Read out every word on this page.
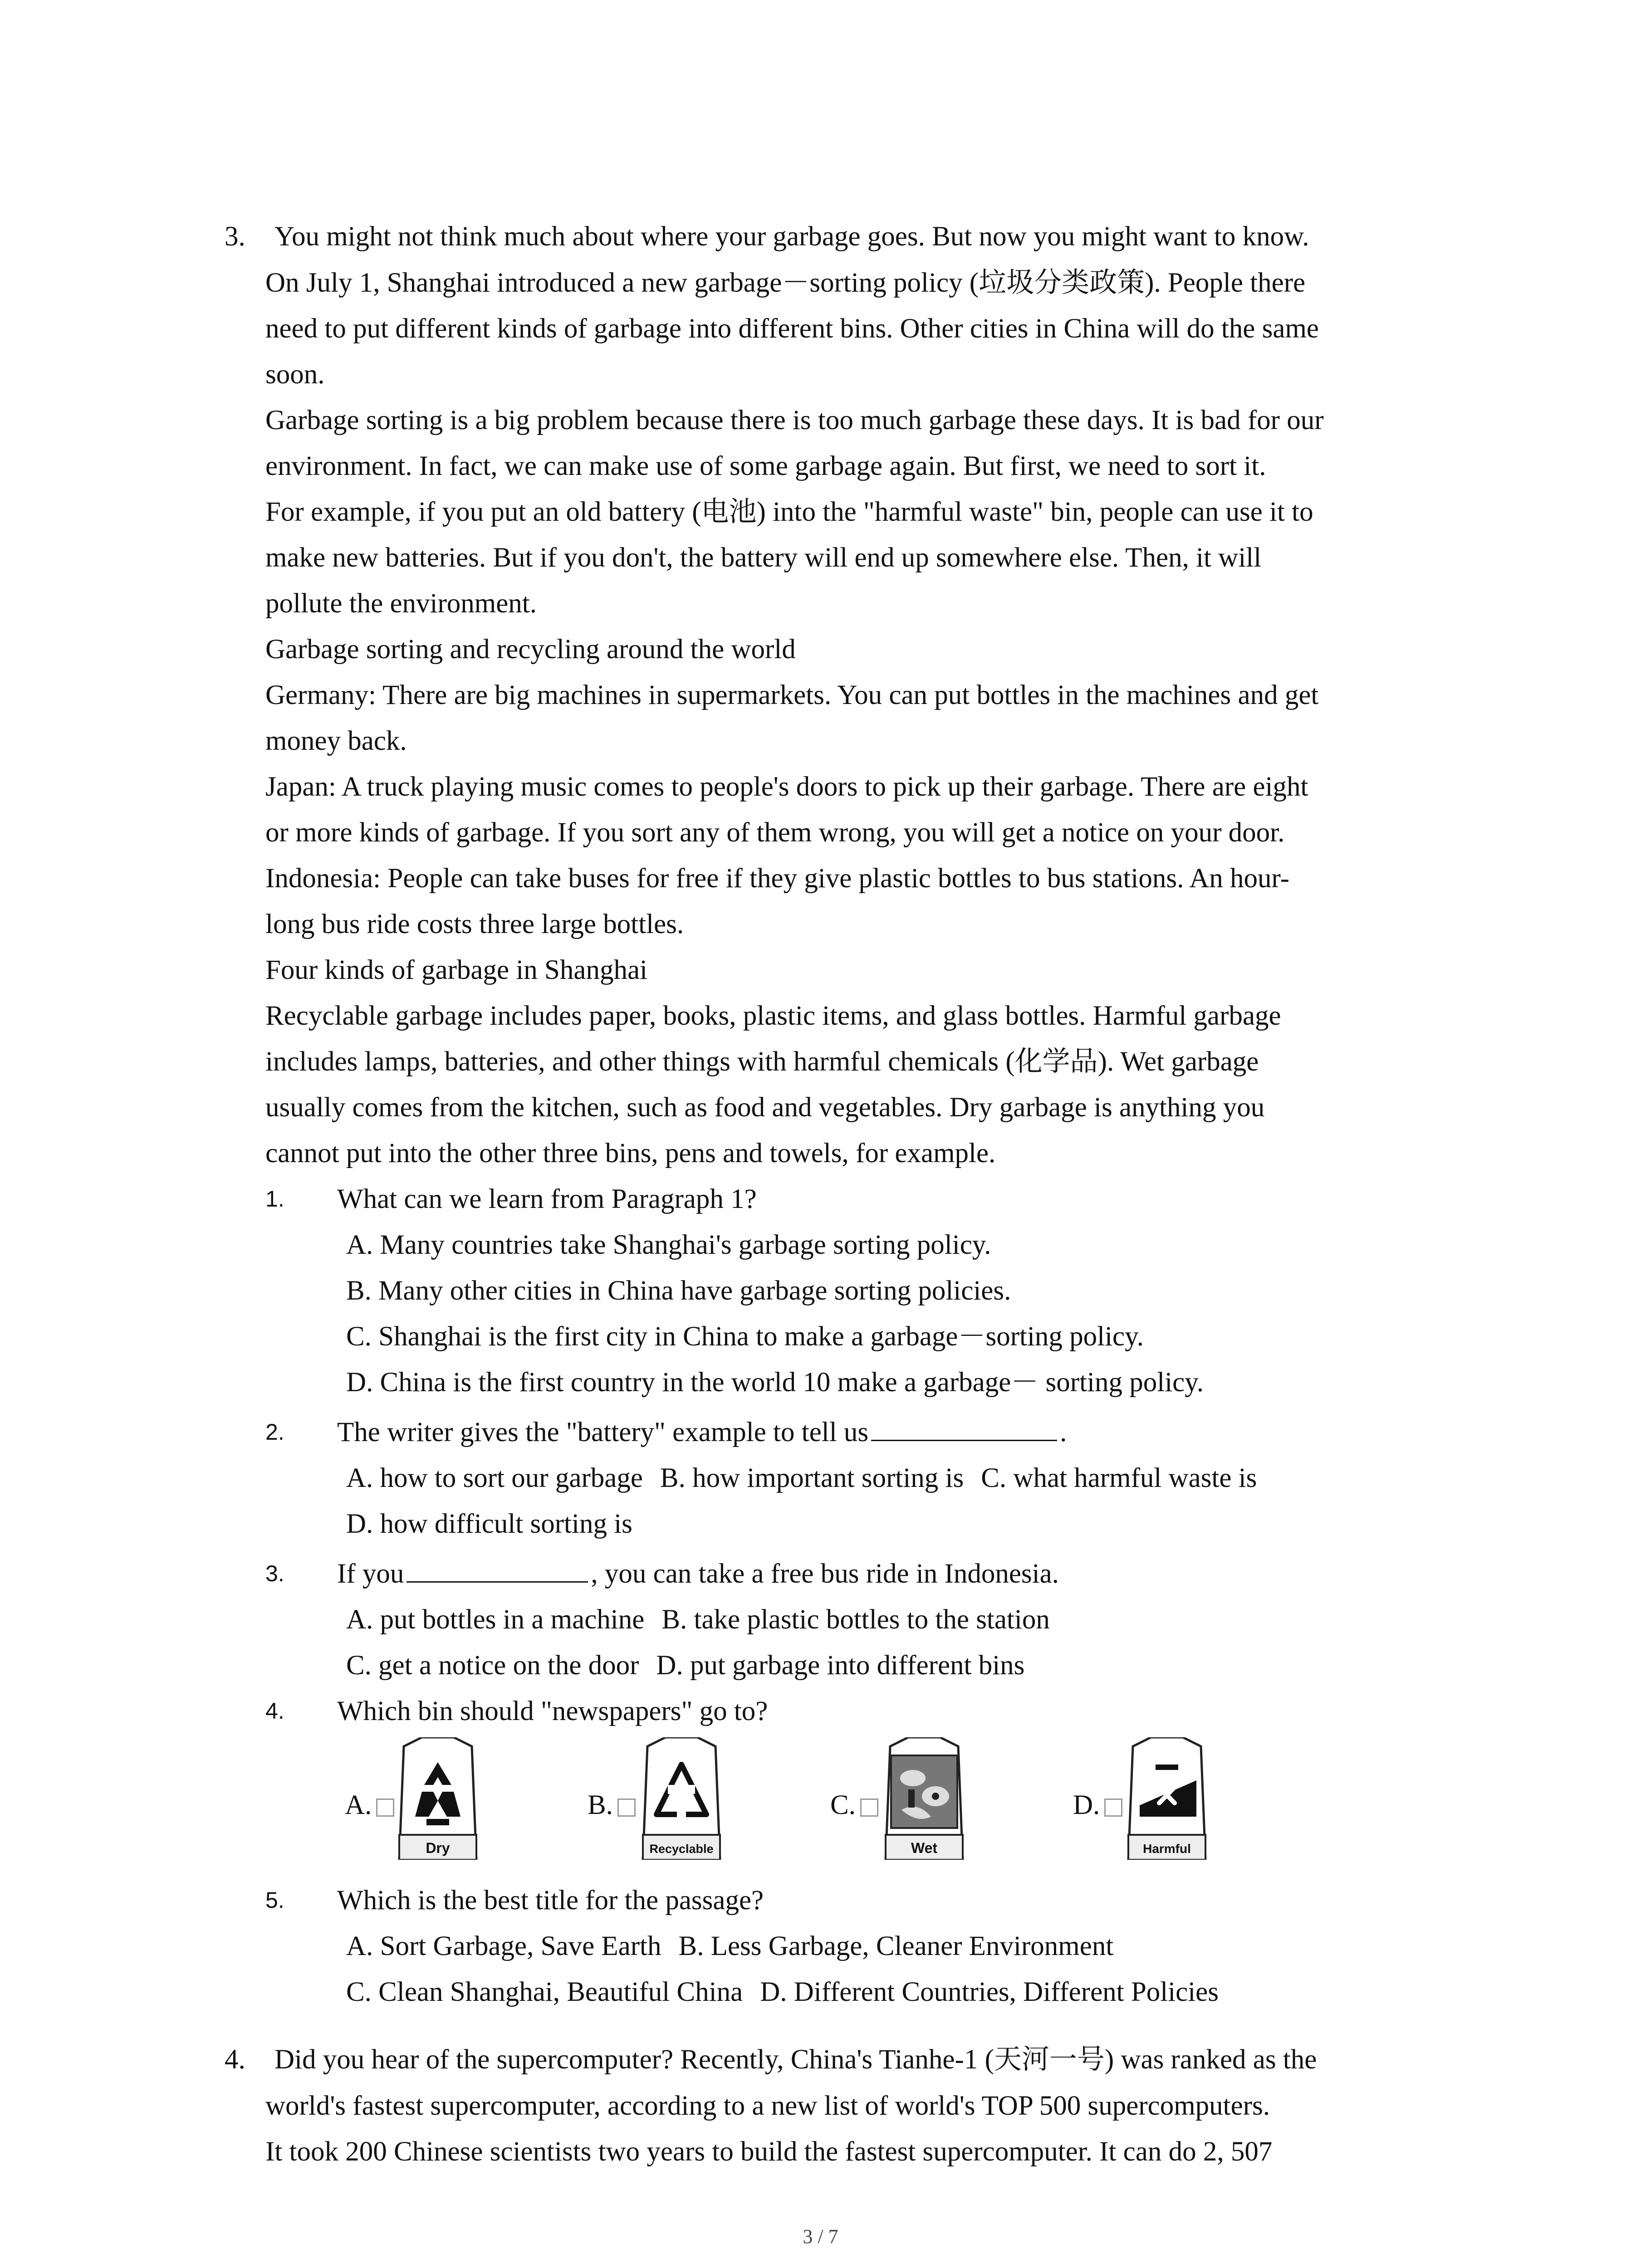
3.	You might not think much about where your garbage goes. But now you might want to know.

On July 1, Shanghai introduced a new garbage－sorting policy (垃圾分类政策). People there

need to put different kinds of garbage into different bins. Other cities in China will do the same

soon.

Garbage sorting is a big problem because there is too much garbage these days. It is bad for our

environment. In fact, we can make use of some garbage again. But first, we need to sort it.

For example, if you put an old battery (电池) into the "harmful waste" bin, people can use it to

make new batteries. But if you don't, the battery will end up somewhere else. Then, it will

pollute the environment.

Garbage sorting and recycling around the world

Germany: There are big machines in supermarkets. You can put bottles in the machines and get

money back.

Japan: A truck playing music comes to people's doors to pick up their garbage. There are eight

or more kinds of garbage. If you sort any of them wrong, you will get a notice on your door.

Indonesia: People can take buses for free if they give plastic bottles to bus stations. An hour-

long bus ride costs three large bottles.

Four kinds of garbage in Shanghai

Recyclable garbage includes paper, books, plastic items, and glass bottles. Harmful garbage

includes lamps, batteries, and other things with harmful chemicals (化学品). Wet garbage

usually comes from the kitchen, such as food and vegetables. Dry garbage is anything you

cannot put into the other three bins, pens and towels, for example.

1. What can we learn from Paragraph 1?
A. Many countries take Shanghai's garbage sorting policy.
B. Many other cities in China have garbage sorting policies.
C. Shanghai is the first city in China to make a garbage－sorting policy.
D. China is the first country in the world 10 make a garbage－ sorting policy.
2. The writer gives the "battery" example to tell us	.
A. how to sort our garbage B. how important sorting is C. what harmful waste is
D. how difficult sorting is
3. If you	, you can take a free bus ride in Indonesia.
A. put bottles in a machine B. take plastic bottles to the station
C. get a notice on the door D. put garbage into different bins
4. Which bin should "newspapers" go to?
A.
Dry
B.
Recyclable
C.
Wet
D.
Harmful
5. Which is the best title for the passage?
A. Sort Garbage, Save Earth B. Less Garbage, Cleaner Environment
C. Clean Shanghai, Beautiful China D. Different Countries, Different Policies
4.	Did you hear of the supercomputer? Recently, China's Tianhe-1 (天河一号) was ranked as the

world's fastest supercomputer, according to a new list of world's TOP 500 supercomputers.

It took 200 Chinese scientists two years to build the fastest supercomputer. It can do 2, 507

3 / 7
